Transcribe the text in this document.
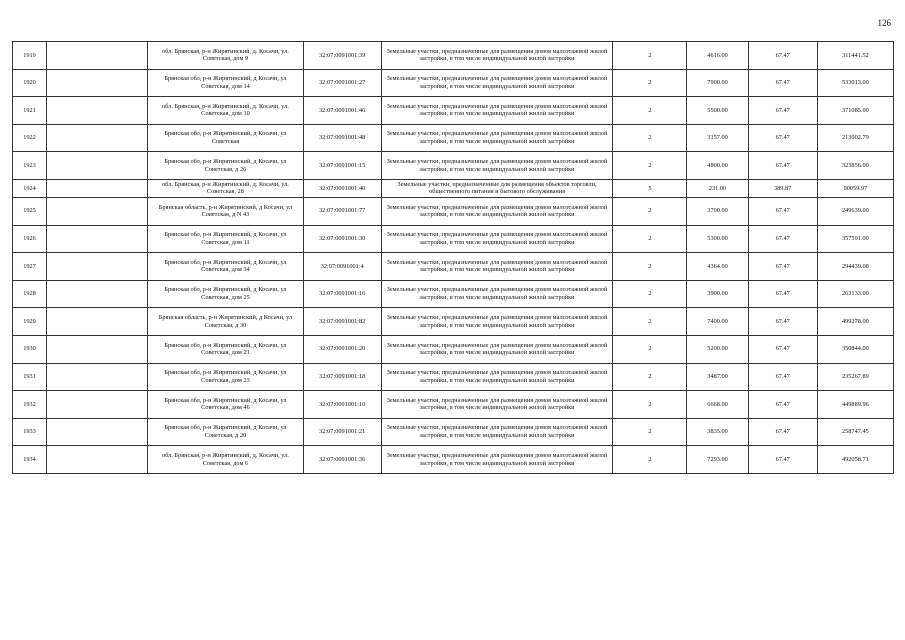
126
1919		обл. Брянская, р-н Жирятинский, д. Косачи, ул. Советская, дом 9	32:07:0091001:39	Земельные участки, предназначенные для размещения домов малоэтажной жилой застройки, в том числе индивидуальной жилой застройки	2	4616.00	67.47	311441.52
1920		Брянская обл, р-н Жирятинский, д Косачи, ул Советская, дом 14	32:07:0091001:27	Земельные участки, предназначенные для размещения домов малоэтажной жилой застройки, в том числе индивидуальной жилой застройки	2	7900.00	67.47	533013.00
1921		обл. Брянская, р-н Жирятинский, д. Косачи, ул. Советская, дом 10	32:07:0091001:46	Земельные участки, предназначенные для размещения домов малоэтажной жилой застройки, в том числе индивидуальной жилой застройки	2	5500.00	67.47	371085.00
1922		Брянская обл, р-н Жирятинский, д Косачи, ул Советская	32:07:0091001:48	Земельные участки, предназначенные для размещения домов малоэтажной жилой застройки, в том числе индивидуальной жилой застройки	2	3157.00	67.47	213002.79
1923		Брянская обл, р-н Жирятинский, д Косачи, ул Советская, д 26	32:07:0091001:15	Земельные участки, предназначенные для размещения домов малоэтажной жилой застройки, в том числе индивидуальной жилой застройки	2	4800.00	67.47	323856.00
1924		обл. Брянская, р-н Жирятинский, д. Косачи, ул. Советская, 28	32:07:0091001:40	Земельные участки, предназначенные для размещения объектов торговли, общественного питания и бытового обслуживания	5	231.00	389.87	90059.97
1925		Брянская область, р-н Жирятинский, д Косачи, ул Советская, д N 43	32:07:0091001:77	Земельные участки, предназначенные для размещения домов малоэтажной жилой застройки, в том числе индивидуальной жилой застройки	2	3700.00	67.47	249639.00
1926		Брянская обл, р-н Жирятинский, д Косачи, ул Советская, дом 11	32:07:0091001:30	Земельные участки, предназначенные для размещения домов малоэтажной жилой застройки, в том числе индивидуальной жилой застройки	2	5300.00	67.47	357591.00
1927		Брянская обл, р-н Жирятинский, д Косачи, ул Советская, дом 34	32:07:0091001:4	Земельные участки, предназначенные для размещения домов малоэтажной жилой застройки, в том числе индивидуальной жилой застройки	2	4364.00	67.47	294439.08
1928		Брянская обл, р-н Жирятинский, д Косачи, ул Советская, дом 25	32:07:0091001:16	Земельные участки, предназначенные для размещения домов малоэтажной жилой застройки, в том числе индивидуальной жилой застройки	2	3900.00	67.47	263133.00
1929		Брянская область, р-н Жирятинский, д Косачи, ул Советская, д 30	32:07:0091001:82	Земельные участки, предназначенные для размещения домов малоэтажной жилой застройки, в том числе индивидуальной жилой застройки	2	7400.00	67.47	499278.00
1930		Брянская обл, р-н Жирятинский, д Косачи, ул Советская, дом 21	32:07:0091001:20	Земельные участки, предназначенные для размещения домов малоэтажной жилой застройки, в том числе индивидуальной жилой застройки	2	5200.00	67.47	350844.00
1931		Брянская обл, р-н Жирятинский, д Косачи, ул Советская, дом 23	32:07:0091001:18	Земельные участки, предназначенные для размещения домов малоэтажной жилой застройки, в том числе индивидуальной жилой застройки	2	3487.00	67.47	235267.89
1932		Брянская обл, р-н Жирятинский, д Косачи, ул Советская, дом 46	32:07:0091001:10	Земельные участки, предназначенные для размещения домов малоэтажной жилой застройки, в том числе индивидуальной жилой застройки	2	6668.00	67.47	449889.96
1933		Брянская обл, р-н Жирятинский, д Косачи, ул Советская, д 20	32:07:0091001:21	Земельные участки, предназначенные для размещения домов малоэтажной жилой застройки, в том числе индивидуальной жилой застройки	2	3835.00	67.47	258747.45
1934		обл. Брянская, р-н Жирятинский, д. Косачи, ул. Советская, дом 6	32:07:0091001:36	Земельные участки, предназначенные для размещения домов малоэтажной жилой застройки, в том числе индивидуальной жилой застройки	2	7293.00	67.47	492058.71
